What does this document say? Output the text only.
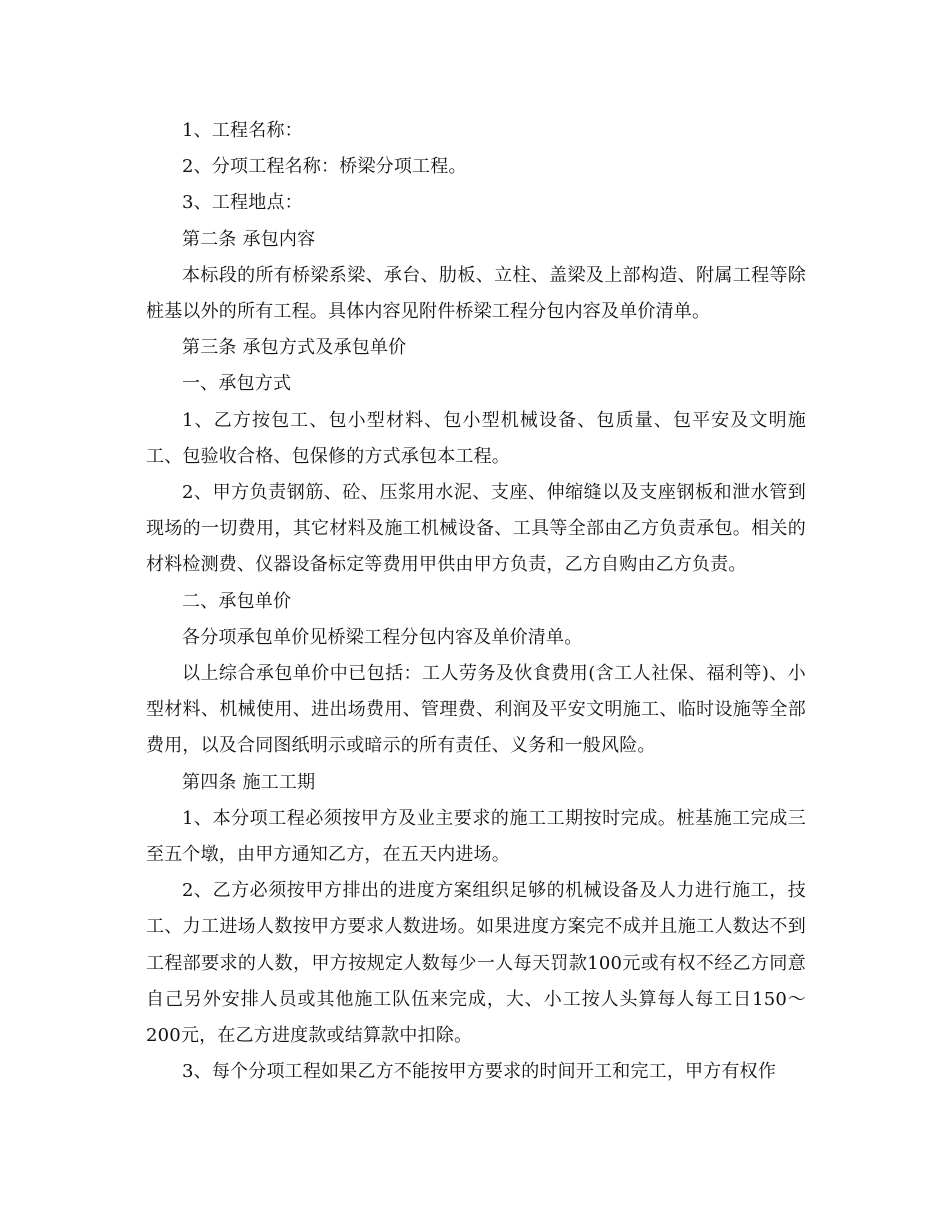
1、工程名称：

2、分项工程名称：桥梁分项工程。

3、工程地点：

第二条 承包内容

本标段的所有桥梁系梁、承台、肋板、立柱、盖梁及上部构造、附属工程等除桩基以外的所有工程。具体内容见附件桥梁工程分包内容及单价清单。

第三条 承包方式及承包单价

一、承包方式

1、乙方按包工、包小型材料、包小型机械设备、包质量、包平安及文明施工、包验收合格、包保修的方式承包本工程。

2、甲方负责钢筋、砼、压浆用水泥、支座、伸缩缝以及支座钢板和泄水管到现场的一切费用，其它材料及施工机械设备、工具等全部由乙方负责承包。相关的材料检测费、仪器设备标定等费用甲供由甲方负责，乙方自购由乙方负责。

二、承包单价

各分项承包单价见桥梁工程分包内容及单价清单。

以上综合承包单价中已包括：工人劳务及伙食费用(含工人社保、福利等)、小型材料、机械使用、进出场费用、管理费、利润及平安文明施工、临时设施等全部费用，以及合同图纸明示或暗示的所有责任、义务和一般风险。

第四条 施工工期

1、本分项工程必须按甲方及业主要求的施工工期按时完成。桩基施工完成三至五个墩，由甲方通知乙方，在五天内进场。

2、乙方必须按甲方排出的进度方案组织足够的机械设备及人力进行施工，技工、力工进场人数按甲方要求人数进场。如果进度方案完不成并且施工人数达不到工程部要求的人数，甲方按规定人数每少一人每天罚款100元或有权不经乙方同意自己另外安排人员或其他施工队伍来完成，大、小工按人头算每人每工日150～200元，在乙方进度款或结算款中扣除。

3、每个分项工程如果乙方不能按甲方要求的时间开工和完工，甲方有权作
